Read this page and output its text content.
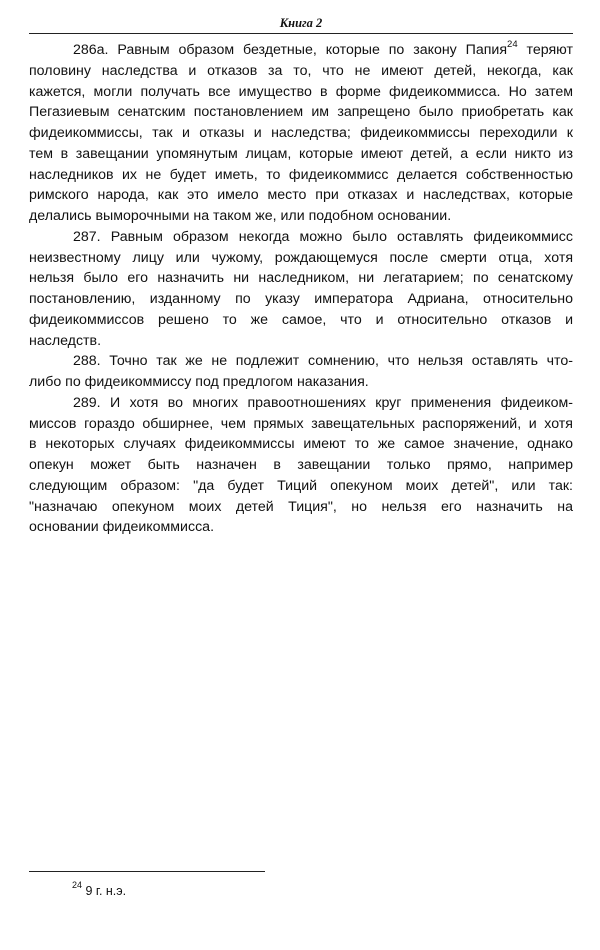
Книга 2
286а. Равным образом бездетные, которые по закону Папия$^{24}$ теряют
половину наследства и отказов за то, что не имеют детей, некогда, как
кажется, могли получать все имущество в форме фидеикоммисса. Но затем
Пегазиевым сенатским постановлением им запрещено было приобретать как
фидеикоммиссы, так и отказы и наследства; фидеикоммиссы переходили к
тем в завещании упомянутым лицам, которые имеют детей, а если никто из
наследников их не будет иметь, то фидеикоммисс делается собственностью
римского народа, как это имело место при отказах и наследствах, которые
делались выморочными на таком же, или подобном основании.
287. Равным образом некогда можно было оставлять фидеикоммисс
неизвестному лицу или чужому, рождающемуся после смерти отца, хотя
нельзя было его назначить ни наследником, ни легатарием; по сенатскому
постановлению, изданному по указу императора Адриана, относительно
фидеикоммиссов решено то же самое, что и относительно отказов и
наследств.
288. Точно так же не подлежит сомнению, что нельзя оставлять что-
либо по фидеикоммиссу под предлогом наказания.
289. И хотя во многих правоотношениях круг применения фидеиком-
миссов гораздо обширнее, чем прямых завещательных распоряжений, и хотя
в некоторых случаях фидеикоммиссы имеют то же самое значение, однако
опекун может быть назначен в завещании только прямо, например
следующим образом: "да будет Тиций опекуном моих детей", или так:
"назначаю опекуном моих детей Тиция", но нельзя его назначить на
основании фидеикоммисса.
$^{24}$ 9 г. н.э.
